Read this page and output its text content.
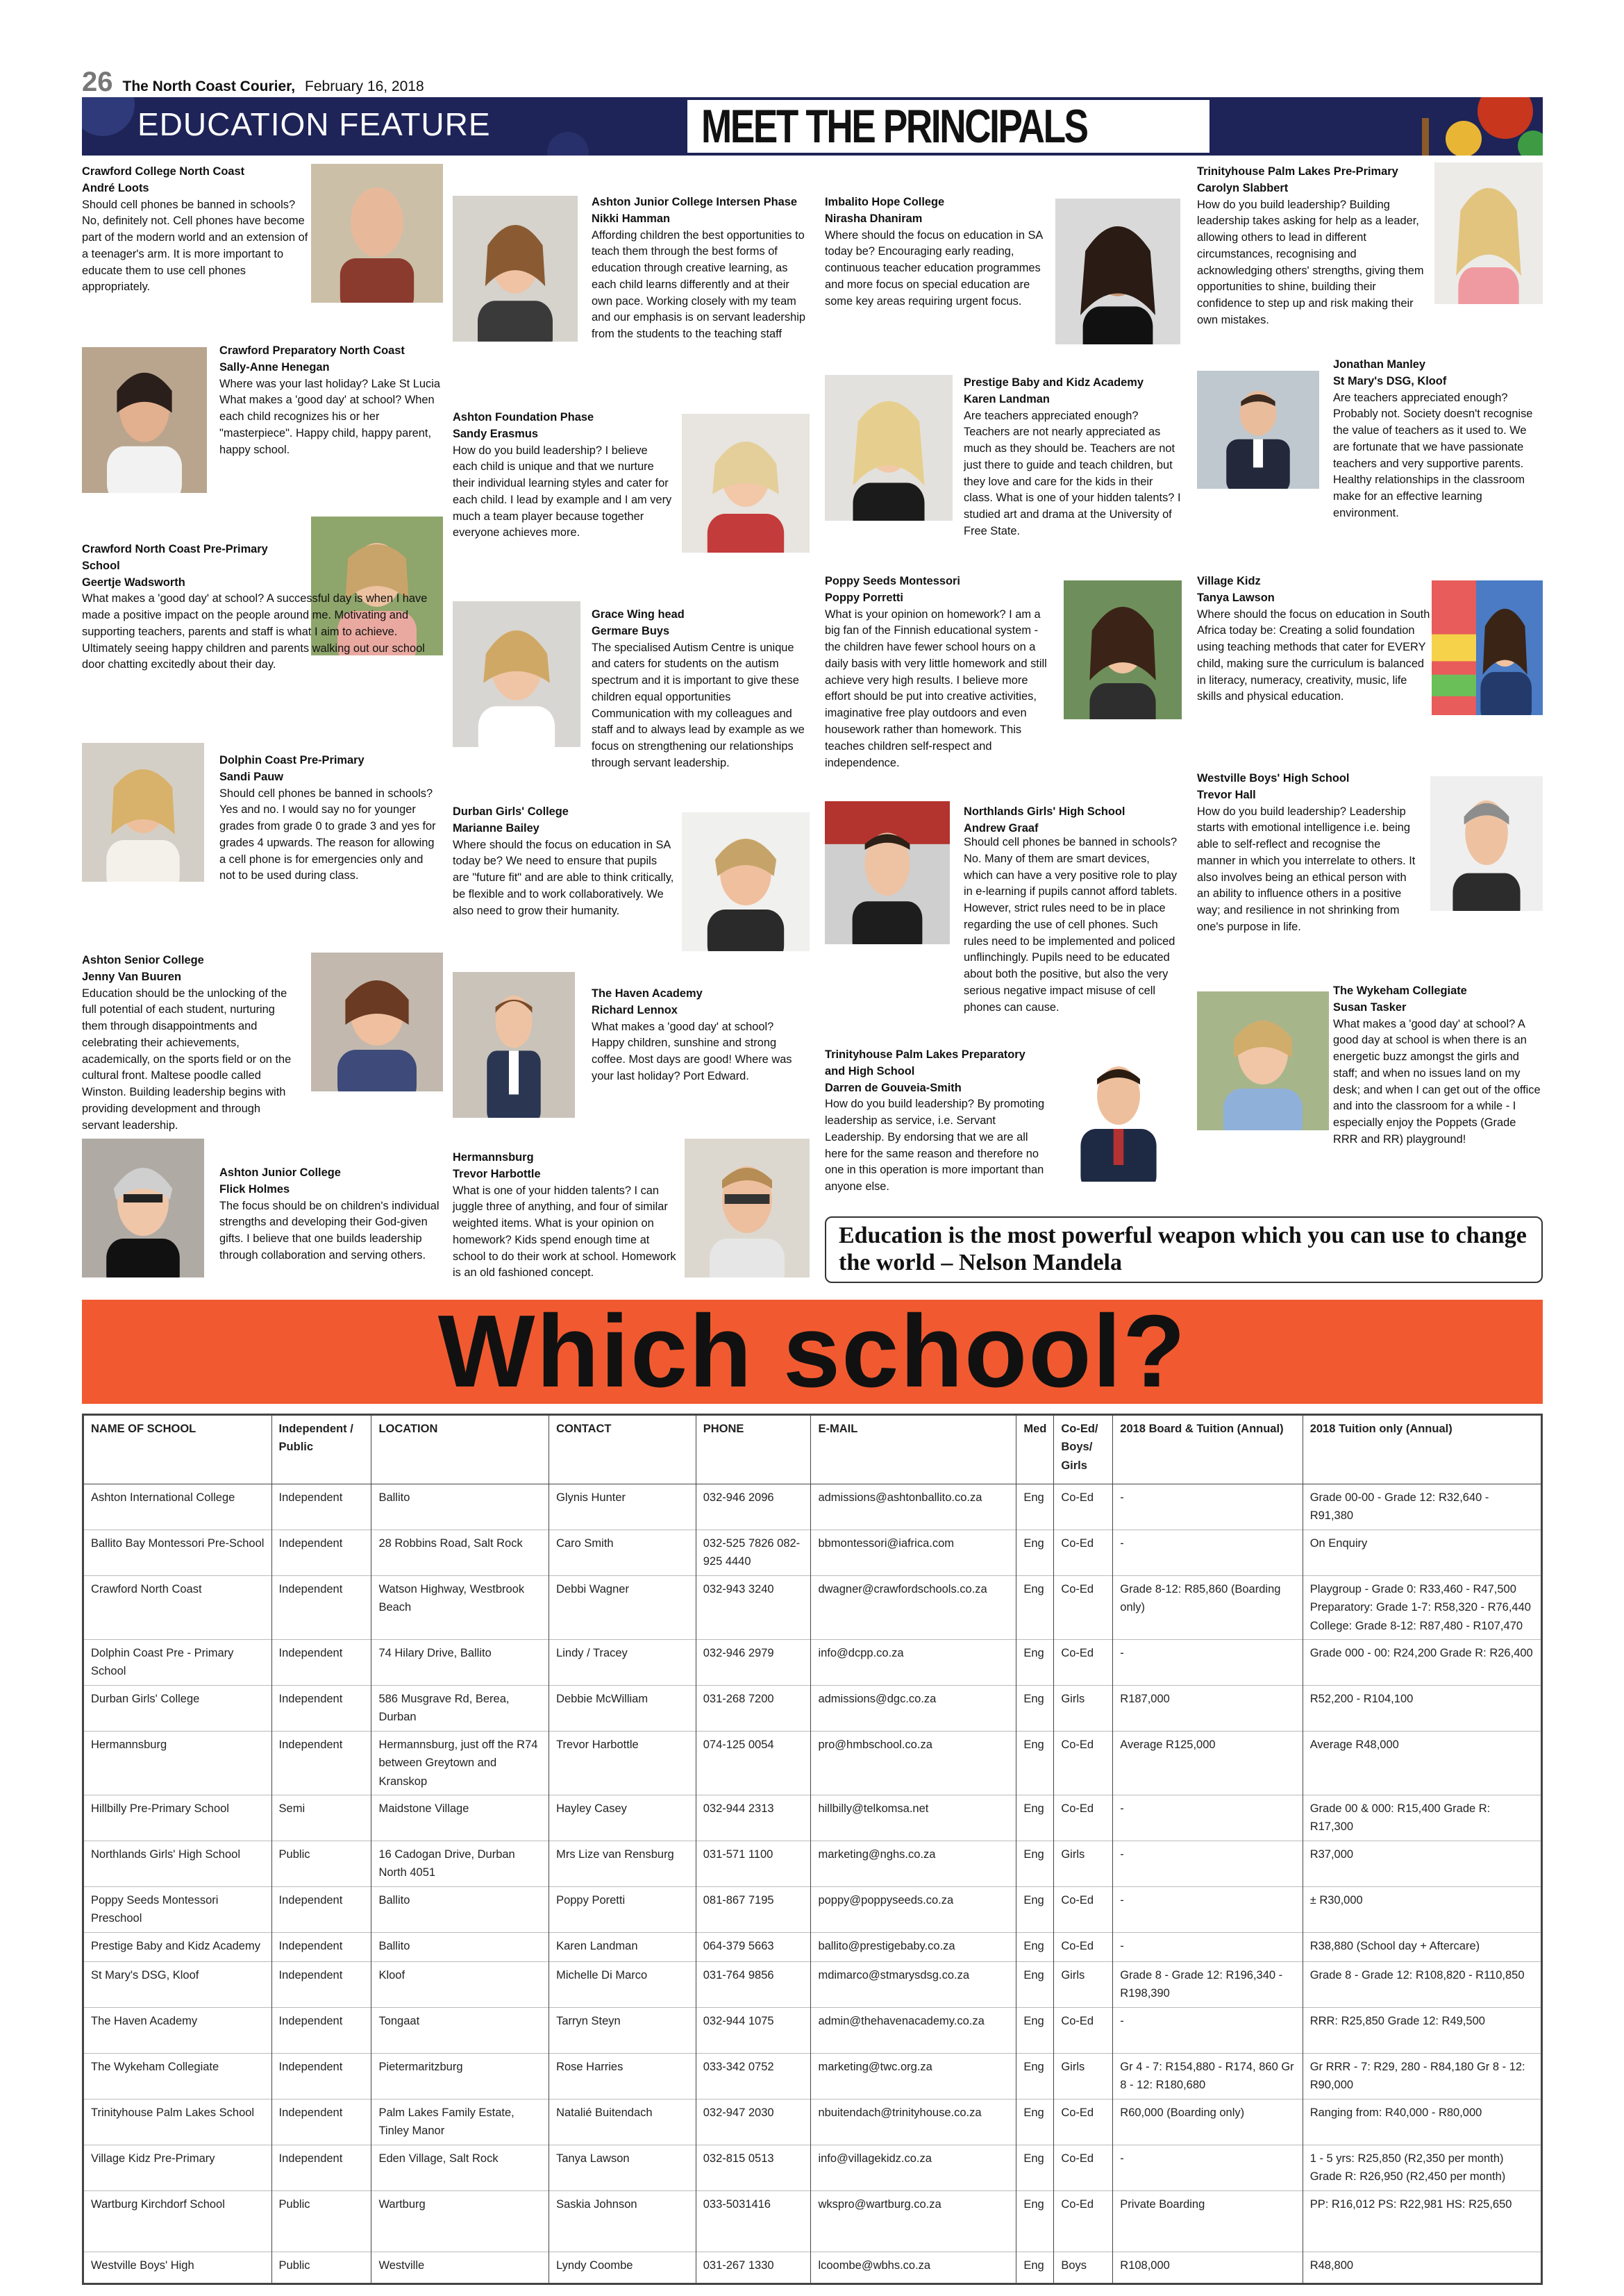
26 The North Coast Courier, February 16, 2018
EDUCATION FEATURE	MEET THE PRINCIPALS
Crawford College North Coast
André Loots

Should cell phones be banned in schools? No, definitely not. Cell phones have become part of the modern world and an extension of a teenager's arm. It is more important to educate them to use cell phones appropriately.

Crawford Preparatory North Coast
Sally-Anne Henegan

Where was your last holiday? Lake St Lucia What makes a 'good day' at school? When each child recognizes his or her "masterpiece". Happy child, happy parent, happy school.

Crawford North Coast Pre-Primary School
Geertje Wadsworth

What makes a 'good day' at school? A successful day is when I have made a positive impact on the people around me. Motivating and supporting teachers, parents and staff is what I aim to achieve. Ultimately seeing happy children and parents walking out our school door chatting excitedly about their day.

Dolphin Coast Pre-Primary
Sandi Pauw

Should cell phones be banned in schools? Yes and no. I would say no for younger grades from grade 0 to grade 3 and yes for grades 4 upwards. The reason for allowing a cell phone is for emergencies only and not to be used during class.

Ashton Senior College
Jenny Van Buuren

Education should be the unlocking of the full potential of each student, nurturing them through disappointments and celebrating their achievements, academically, on the sports field or on the cultural front. Maltese poodle called Winston. Building leadership begins with providing development and through servant leadership.

Ashton Junior College
Flick Holmes

The focus should be on children's individual strengths and developing their God-given gifts. I believe that one builds leadership through collaboration and serving others.

Ashton Junior College Intersen Phase
Nikki Hamman

Affording children the best opportunities to teach them through the best forms of education through creative learning, as each child learns differently and at their own pace. Working closely with my team and our emphasis is on servant leadership from the students to the teaching staff

Ashton Foundation Phase
Sandy Erasmus

How do you build leadership? I believe each child is unique and that we nurture their individual learning styles and cater for each child. I lead by example and I am very much a team player because together everyone achieves more.

Grace Wing head
Germare Buys

The specialised Autism Centre is unique and caters for students on the autism spectrum and it is important to give these children equal opportunities Communication with my colleagues and staff and to always lead by example as we focus on strengthening our relationships through servant leadership.

Durban Girls' College
Marianne Bailey

Where should the focus on education in SA today be? We need to ensure that pupils are "future fit" and are able to think critically, be flexible and to work collaboratively. We also need to grow their humanity.

The Haven Academy
Richard Lennox

What makes a 'good day' at school? Happy children, sunshine and strong coffee. Most days are good! Where was your last holiday? Port Edward.

Hermannsburg
Trevor Harbottle

What is one of your hidden talents? I can juggle three of anything, and four of similar weighted items. What is your opinion on homework? Kids spend enough time at school to do their work at school. Homework is an old fashioned concept.

Imbalito Hope College
Nirasha Dhaniram

Where should the focus on education in SA today be? Encouraging early reading, continuous teacher education programmes and more focus on special education are some key areas requiring urgent focus.

Prestige Baby and Kidz Academy
Karen Landman

Are teachers appreciated enough? Teachers are not nearly appreciated as much as they should be. Teachers are not just there to guide and teach children, but they love and care for the kids in their class. What is one of your hidden talents? I studied art and drama at the University of Free State.

Poppy Seeds Montessori
Poppy Porretti

What is your opinion on homework? I am a big fan of the Finnish educational system - the children have fewer school hours on a daily basis with very little homework and still achieve very high results. I believe more effort should be put into creative activities, imaginative free play outdoors and even housework rather than homework. This teaches children self-respect and independence.

Northlands Girls' High School
Andrew Graaf

Should cell phones be banned in schools? No. Many of them are smart devices, which can have a very positive role to play in e-learning if pupils cannot afford tablets. However, strict rules need to be in place regarding the use of cell phones. Such rules need to be implemented and policed unflinchingly. Pupils need to be educated about both the positive, but also the very serious negative impact misuse of cell phones can cause.

Trinityhouse Palm Lakes Preparatory and High School
Darren de Gouveia-Smith

How do you build leadership? By promoting leadership as service, i.e. Servant Leadership. By endorsing that we are all here for the same reason and therefore no one in this operation is more important than anyone else.

Trinityhouse Palm Lakes Pre-Primary
Carolyn Slabbert

How do you build leadership? Building leadership takes asking for help as a leader, allowing others to lead in different circumstances, recognising and acknowledging others' strengths, giving them opportunities to shine, building their confidence to step up and risk making their own mistakes.

Jonathan Manley
St Mary's DSG, Kloof

Are teachers appreciated enough? Probably not. Society doesn't recognise the value of teachers as it used to. We are fortunate that we have passionate teachers and very supportive parents. Healthy relationships in the classroom make for an effective learning environment.

Village Kidz
Tanya Lawson

Where should the focus on education in South Africa today be: Creating a solid foundation using teaching methods that cater for EVERY child, making sure the curriculum is balanced in literacy, numeracy, creativity, music, life skills and physical education.

Westville Boys' High School
Trevor Hall

How do you build leadership? Leadership starts with emotional intelligence i.e. being able to self-reflect and recognise the manner in which you interrelate to others. It also involves being an ethical person with an ability to influence others in a positive way; and resilience in not shrinking from one's purpose in life.

The Wykeham Collegiate
Susan Tasker

What makes a 'good day' at school? A good day at school is when there is an energetic buzz amongst the girls and staff; and when no issues land on my desk; and when I can get out of the office and into the classroom for a while - I especially enjoy the Poppets (Grade RRR and RR) playground!

Education is the most powerful weapon which you can use to change the world – Nelson Mandela
Which school?
NAME OF SCHOOL	Independent / Public	LOCATION	CONTACT	PHONE	E-MAIL	Med	Co-Ed/ Boys/ Girls	2018 Board & Tuition (Annual)	2018 Tuition only (Annual)
Ashton International College	Independent	Ballito	Glynis Hunter	032-946 2096	admissions@ashtonballito.co.za	Eng	Co-Ed	-	Grade 00-00 - Grade 12: R32,640 - R91,380
Ballito Bay Montessori Pre-School	Independent	28 Robbins Road, Salt Rock	Caro Smith	032-525 7826 082-925 4440	bbmontessori@iafrica.com	Eng	Co-Ed	-	On Enquiry
Crawford North Coast	Independent	Watson Highway, Westbrook Beach	Debbi Wagner	032-943 3240	dwagner@crawfordschools.co.za	Eng	Co-Ed	Grade 8-12: R85,860 (Boarding only)	Playgroup - Grade 0: R33,460 - R47,500 Preparatory: Grade 1-7: R58,320 - R76,440 College: Grade 8-12: R87,480 - R107,470
Dolphin Coast Pre - Primary School	Independent	74 Hilary Drive, Ballito	Lindy / Tracey	032-946 2979	info@dcpp.co.za	Eng	Co-Ed	-	Grade 000 - 00: R24,200 Grade R: R26,400
Durban Girls' College	Independent	586 Musgrave Rd, Berea, Durban	Debbie McWilliam	031-268 7200	admissions@dgc.co.za	Eng	Girls	R187,000	R52,200 - R104,100
Hermannsburg	Independent	Hermannsburg, just off the R74 between Greytown and Kranskop	Trevor Harbottle	074-125 0054	pro@hmbschool.co.za	Eng	Co-Ed	Average R125,000	Average R48,000
Hillbilly Pre-Primary School	Semi	Maidstone Village	Hayley Casey	032-944 2313	hillbilly@telkomsa.net	Eng	Co-Ed	-	Grade 00 & 000: R15,400 Grade R: R17,300
Northlands Girls' High School	Public	16 Cadogan Drive, Durban North 4051	Mrs Lize van Rensburg	031-571 1100	marketing@nghs.co.za	Eng	Girls	-	R37,000
Poppy Seeds Montessori Preschool	Independent	Ballito	Poppy Poretti	081-867 7195	poppy@poppyseeds.co.za	Eng	Co-Ed	-	± R30,000
Prestige Baby and Kidz Academy	Independent	Ballito	Karen Landman	064-379 5663	ballito@prestigebaby.co.za	Eng	Co-Ed	-	R38,880 (School day + Aftercare)
St Mary's DSG, Kloof	Independent	Kloof	Michelle Di Marco	031-764 9856	mdimarco@stmarysdsg.co.za	Eng	Girls	Grade 8 - Grade 12: R196,340 - R198,390	Grade 8 - Grade 12: R108,820 - R110,850
The Haven Academy	Independent	Tongaat	Tarryn Steyn	032-944 1075	admin@thehavenacademy.co.za	Eng	Co-Ed	-	RRR: R25,850 Grade 12: R49,500
The Wykeham Collegiate	Independent	Pietermaritzburg	Rose Harries	033-342 0752	marketing@twc.org.za	Eng	Girls	Gr 4 - 7: R154,880 - R174, 860 Gr 8 - 12: R180,680	Gr RRR - 7: R29, 280 - R84,180 Gr 8 - 12: R90,000
Trinityhouse Palm Lakes School	Independent	Palm Lakes Family Estate, Tinley Manor	Natalié Buitendach	032-947 2030	nbuitendach@trinityhouse.co.za	Eng	Co-Ed	R60,000 (Boarding only)	Ranging from: R40,000 - R80,000
Village Kidz Pre-Primary	Independent	Eden Village, Salt Rock	Tanya Lawson	032-815 0513	info@villagekidz.co.za	Eng	Co-Ed	-	1 - 5 yrs: R25,850 (R2,350 per month) Grade R: R26,950 (R2,450 per month)
Wartburg Kirchdorf School	Public	Wartburg	Saskia Johnson	033-5031416	wkspro@wartburg.co.za	Eng	Co-Ed	Private Boarding	PP: R16,012 PS: R22,981 HS: R25,650
Westville Boys' High	Public	Westville	Lyndy Coombe	031-267 1330	lcoombe@wbhs.co.za	Eng	Boys	R108,000	R48,800
